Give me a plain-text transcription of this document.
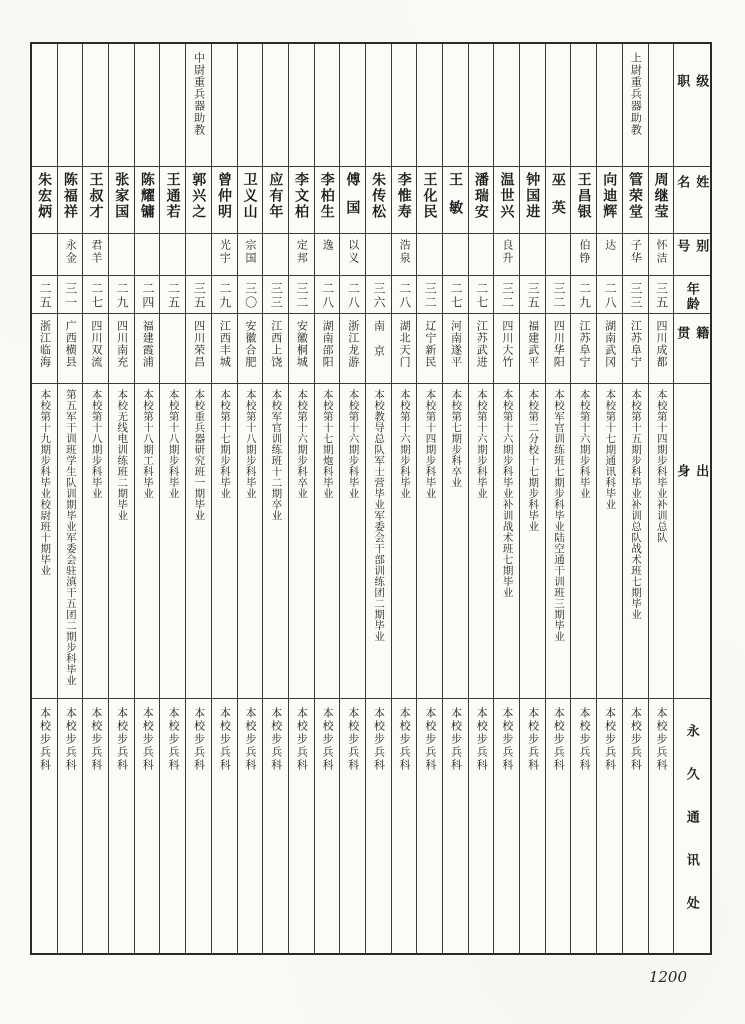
朱宏炳
二五
浙江临海
本校第十九期步科毕业校尉班十期毕业
本校步兵科
陈福祥
永金
三一
广西横县
第五军干训班学生队训期毕业军委会驻滇干五团二期步科毕业
本校步兵科
王叔才
君羊
二七
四川双流
本校第十八期步科毕业
本校步兵科
张家国
二九
四川南充
本校无线电训练班二期毕业
本校步兵科
陈耀镛
二四
福建霞浦
本校第十八期工科毕业
本校步兵科
王通若
二五
本校第十八期步科毕业
本校步兵科
中尉重兵器助教
郭兴之
三五
四川荣昌
本校重兵器研究班一期毕业
本校步兵科
曾仲明
光宇
二九
江西丰城
本校第十七期步科毕业
本校步兵科
卫义山
宗国
三〇
安徽合肥
本校第十八期步科毕业
本校步兵科
应有年
三三
江西上饶
本校军官训练班十二期卒业
本校步兵科
李文柏
定邦
三二
安徽桐城
本校第十六期步科卒业
本校步兵科
李柏生
逸
二八
湖南邵阳
本校第十七期炮科毕业
本校步兵科
傅国
以义
二八
浙江龙游
本校第十六期步科毕业
本校步兵科
朱传松
三六
南京
本校教导总队军士营毕业军委会干部训练团二期毕业
本校步兵科
李惟寿
浩泉
二八
湖北天门
本校第十六期步科毕业
本校步兵科
王化民
三二
辽宁新民
本校第十四期步科毕业
本校步兵科
王敏
二七
河南遂平
本校第七期步科卒业
本校步兵科
潘瑞安
二七
江苏武进
本校第十六期步科毕业
本校步兵科
温世兴
良升
三二
四川大竹
本校第十六期步科毕业补训战术班七期毕业
本校步兵科
钟国进
三五
福建武平
本校第二分校十七期步科毕业
本校步兵科
巫英
三二
四川华阳
本校军官训练班七期步科毕业陆空通干训班三期毕业
本校步兵科
王昌银
伯铮
二九
江苏阜宁
本校第十六期步科毕业
本校步兵科
向迪辉
达
二八
湖南武冈
本校第十七期通讯科毕业
本校步兵科
上尉重兵器助教
管荣堂
子华
三三
江苏阜宁
本校第十五期步科毕业补训总队战术班七期毕业
本校步兵科
周继莹
怀洁
三五
四川成都
本校第十四期步科毕业补训总队
本校步兵科
级职
姓名
别号
年龄
籍贯
出身
永久通讯处
1200
